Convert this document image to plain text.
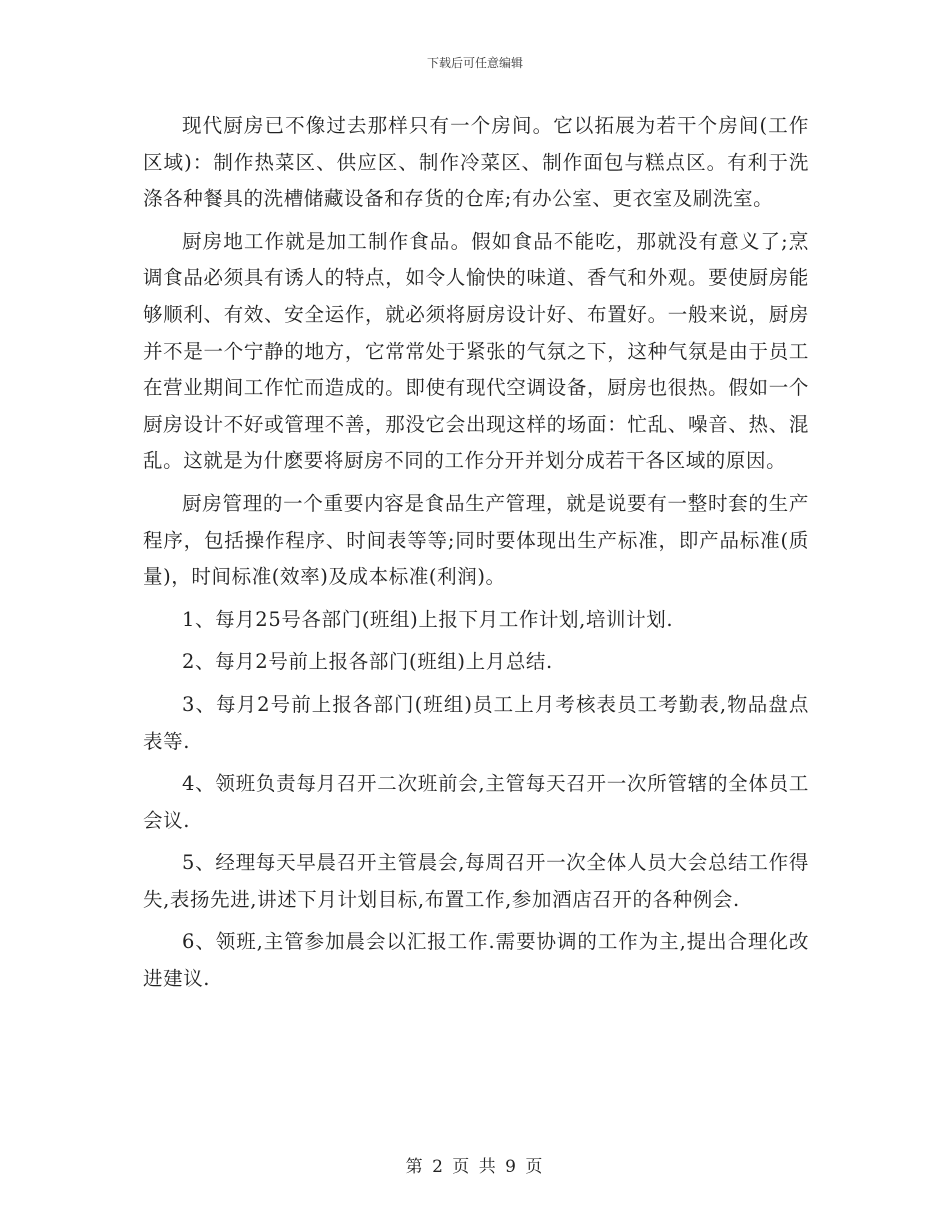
下载后可任意编辑

现代厨房已不像过去那样只有一个房间。它以拓展为若干个房间(工作区域)：制作热菜区、供应区、制作冷菜区、制作面包与糕点区。有利于洗涤各种餐具的洗槽储藏设备和存货的仓库;有办公室、更衣室及刷洗室。

厨房地工作就是加工制作食品。假如食品不能吃，那就没有意义了;烹调食品必须具有诱人的特点，如令人愉快的味道、香气和外观。要使厨房能够顺利、有效、安全运作，就必须将厨房设计好、布置好。一般来说，厨房并不是一个宁静的地方，它常常处于紧张的气氛之下，这种气氛是由于员工在营业期间工作忙而造成的。即使有现代空调设备，厨房也很热。假如一个厨房设计不好或管理不善，那没它会出现这样的场面：忙乱、噪音、热、混乱。这就是为什麽要将厨房不同的工作分开并划分成若干各区域的原因。

厨房管理的一个重要内容是食品生产管理，就是说要有一整时套的生产程序，包括操作程序、时间表等等;同时要体现出生产标准，即产品标准(质量)，时间标准(效率)及成本标准(利润)。

1、每月25号各部门(班组)上报下月工作计划,培训计划.

2、每月2号前上报各部门(班组)上月总结.

3、每月2号前上报各部门(班组)员工上月考核表员工考勤表,物品盘点表等.

4、领班负责每月召开二次班前会,主管每天召开一次所管辖的全体员工会议.

5、经理每天早晨召开主管晨会,每周召开一次全体人员大会总结工作得失,表扬先进,讲述下月计划目标,布置工作,参加酒店召开的各种例会.

6、领班,主管参加晨会以汇报工作.需要协调的工作为主,提出合理化改进建议.

第 2 页 共 9 页
